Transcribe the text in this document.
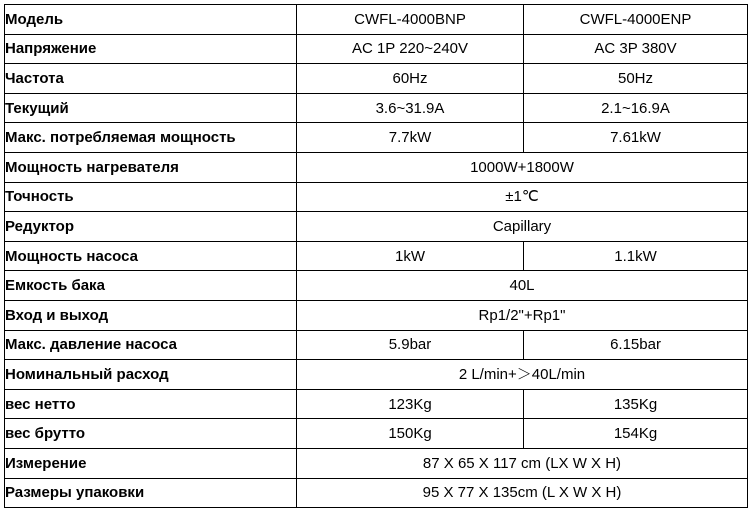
Модель	CWFL-4000BNP	CWFL-4000ENP
Напряжение	AC 1P 220~240V	AC 3P 380V
Частота	60Hz	50Hz
Текущий	3.6~31.9A	2.1~16.9A
Макс. потребляемая мощность	7.7kW	7.61kW
Мощность нагревателя	1000W+1800W	
Точность	±1℃	
Редуктор	Capillary	
Мощность насоса	1kW	1.1kW
Емкость бака	40L	
Вход и выход	Rp1/2"+Rp1"	
Макс. давление насоса	5.9bar	6.15bar
Номинальный расход	2 L/min+＞40L/min	
вес нетто	123Kg	135Kg
вес брутто	150Kg	154Kg
Измерение	87 X 65 X 117 cm (LX W X H)	
Размеры упаковки	95 X 77 X 135cm (L X W X H)	
